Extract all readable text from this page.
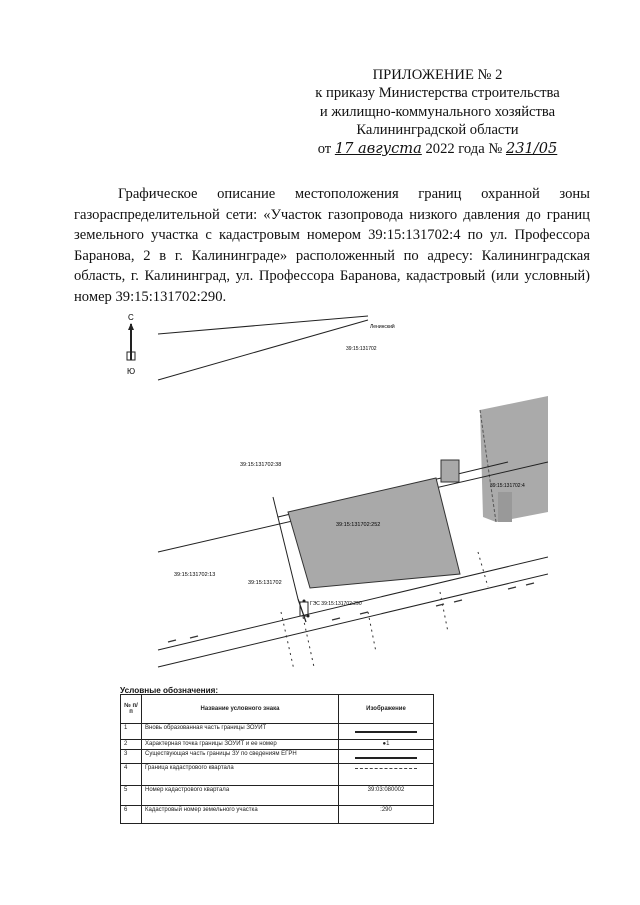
ПРИЛОЖЕНИЕ № 2
к приказу Министерства строительства
и жилищно-коммунального хозяйства
Калининградской области
от 17 августа 2022 года № 231/05

Графическое описание местоположения границ охранной зоны газораспределительной сети: «Участок газопровода низкого давления до границ земельного участка с кадастровым номером 39:15:131702:4 по ул. Профессора Баранова, 2 в г. Калининграде» расположенный по адресу: Калининградская область, г. Калининград, ул. Профессора Баранова, кадастровый (или условный) номер 39:15:131702:290.

С
Ю
Ленинский
39:15:131702
39:15:131702:4
39:15:131702:252
39:15:131702:38
39:15:131702:13
39:15:131702
ГЭС 39:15:131702:290
Условные обозначения:
№ п/п	Название условного знака	Изображение
1	Вновь образованная часть границы ЗОУИТ	
2	Характерная точка границы ЗОУИТ и ее номер	●1
3	Существующая часть границы ЗУ по сведениям ЕГРН	
4	Граница кадастрового квартала	
5	Номер кадастрового квартала	39:03:080002
6	Кадастровый номер земельного участка	:290
